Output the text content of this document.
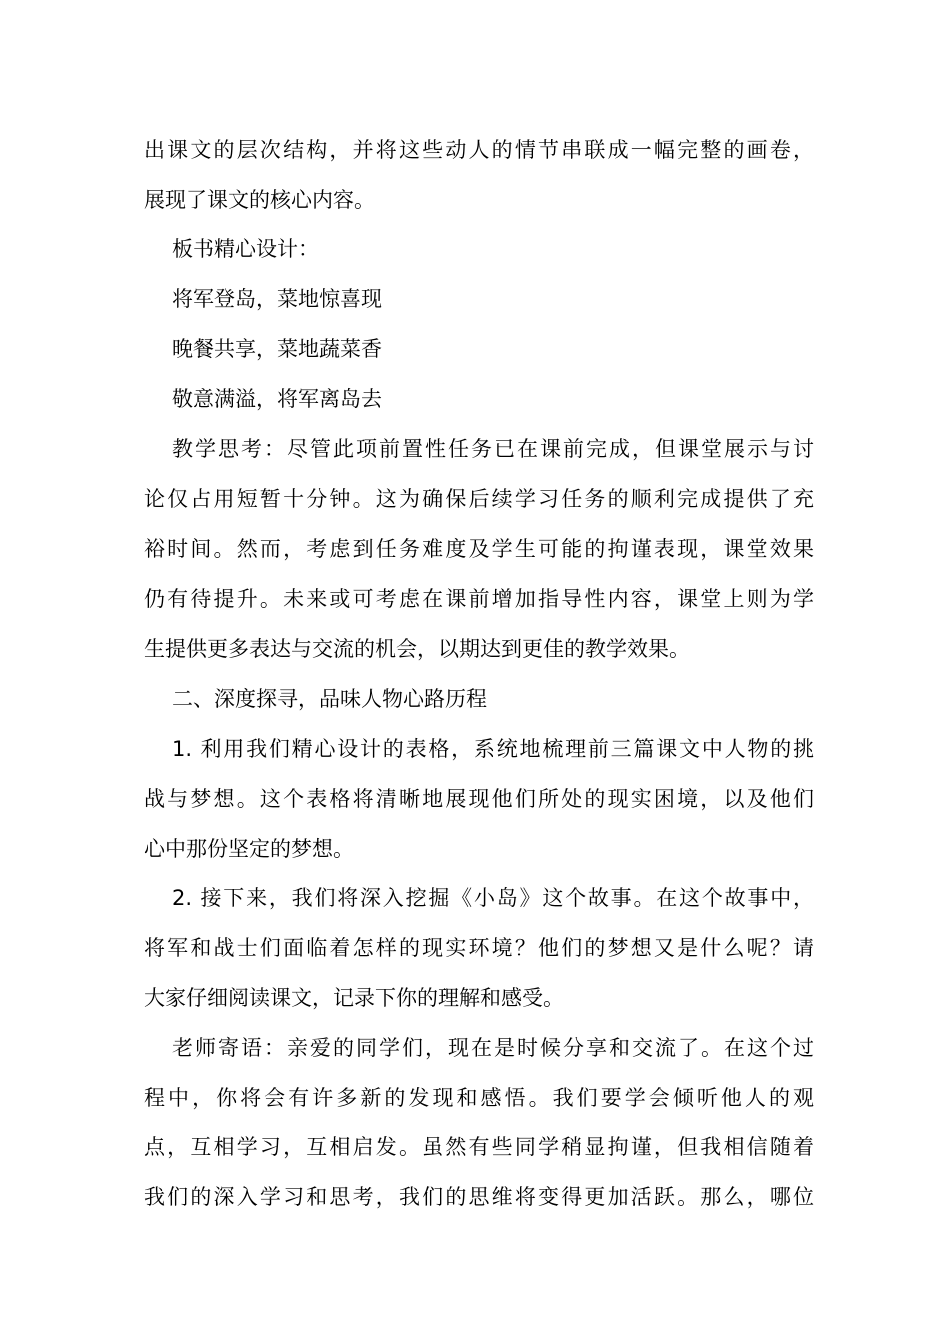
出课文的层次结构，并将这些动人的情节串联成一幅完整的画卷，
展现了课文的核心内容。
板书精心设计：
将军登岛，菜地惊喜现
晚餐共享，菜地蔬菜香
敬意满溢，将军离岛去
教学思考：尽管此项前置性任务已在课前完成，但课堂展示与讨
论仅占用短暂十分钟。这为确保后续学习任务的顺利完成提供了充
裕时间。然而，考虑到任务难度及学生可能的拘谨表现，课堂效果
仍有待提升。未来或可考虑在课前增加指导性内容，课堂上则为学
生提供更多表达与交流的机会，以期达到更佳的教学效果。
二、深度探寻，品味人物心路历程
1. 利用我们精心设计的表格，系统地梳理前三篇课文中人物的挑
战与梦想。这个表格将清晰地展现他们所处的现实困境，以及他们
心中那份坚定的梦想。
2. 接下来，我们将深入挖掘《小岛》这个故事。在这个故事中，
将军和战士们面临着怎样的现实环境？他们的梦想又是什么呢？请
大家仔细阅读课文，记录下你的理解和感受。
老师寄语：亲爱的同学们，现在是时候分享和交流了。在这个过
程中，你将会有许多新的发现和感悟。我们要学会倾听他人的观
点，互相学习，互相启发。虽然有些同学稍显拘谨，但我相信随着
我们的深入学习和思考，我们的思维将变得更加活跃。那么，哪位
